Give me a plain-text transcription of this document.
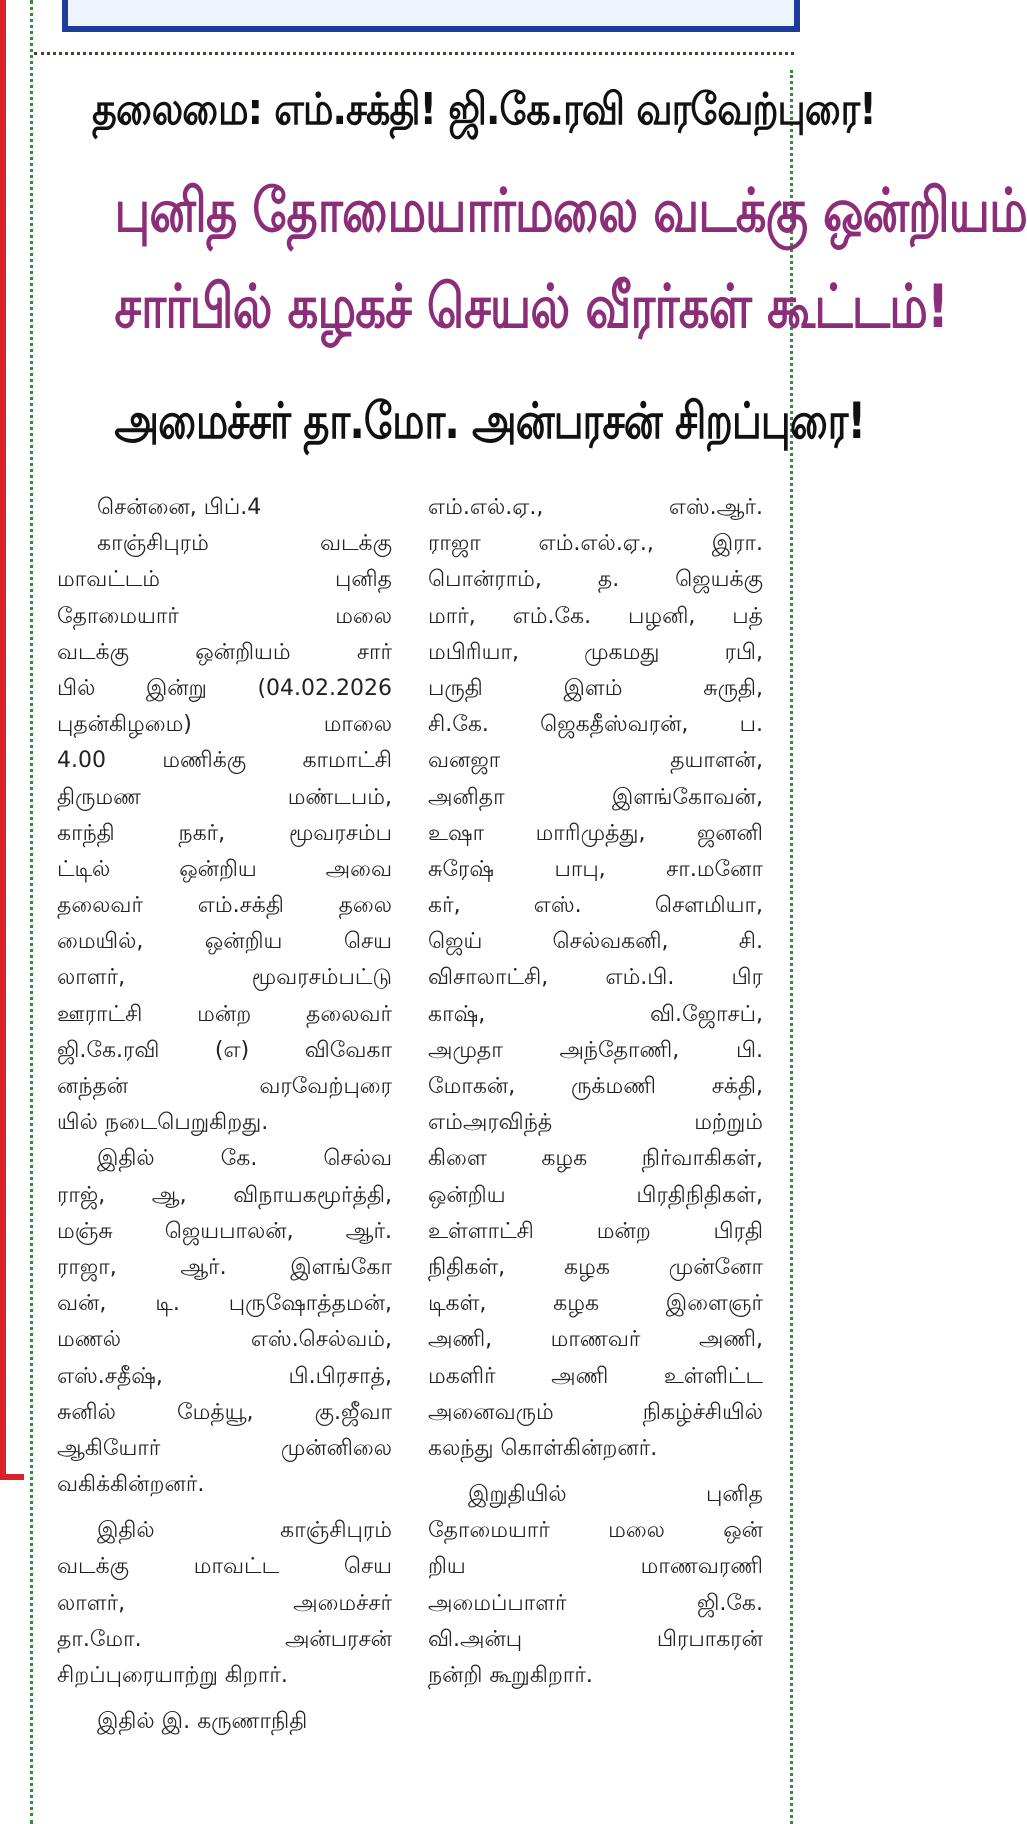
தலைமை: எம்.சக்தி! ஜி.கே.ரவி வரவேற்புரை!
புனித தோமையார்மலை வடக்கு ஒன்றியம்
சார்பில் கழகச் செயல் வீரர்கள் கூட்டம்!
அமைச்சர் தா.மோ. அன்பரசன் சிறப்புரை!
சென்னை, பிப்.4
காஞ்சிபுரம் வடக்கு
மாவட்டம் புனித
தோமையார் மலை
வடக்கு ஒன்றியம் சார்
பில் இன்று (04.02.2026
புதன்கிழமை) மாலை
4.00 மணிக்கு காமாட்சி
திருமண மண்டபம்,
காந்தி நகர், மூவரசம்ப
ட்டில் ஒன்றிய அவை
தலைவர் எம்.சக்தி தலை
மையில், ஒன்றிய செய
லாளர், மூவரசம்பட்டு
ஊராட்சி மன்ற தலைவர்
ஜி.கே.ரவி (எ) விவேகா
னந்தன் வரவேற்புரை
யில் நடைபெறுகிறது.
இதில் கே. செல்வ
ராஜ், ஆ, விநாயகமூர்த்தி,
மஞ்சு ஜெயபாலன், ஆர்.
ராஜா, ஆர். இளங்கோ
வன், டி. புருஷோத்தமன்,
மணல் எஸ்.செல்வம்,
எஸ்.சதீஷ், பி.பிரசாத்,
சுனில் மேத்யூ, கு.ஜீவா
ஆகியோர் முன்னிலை
வகிக்கின்றனர்.
இதில் காஞ்சிபுரம்
வடக்கு மாவட்ட செய
லாளர், அமைச்சர்
தா.மோ. அன்பரசன்
சிறப்புரையாற்று கிறார்.
இதில் இ. கருணாநிதி
எம்.எல்.ஏ., எஸ்.ஆர்.
ராஜா எம்.எல்.ஏ., இரா.
பொன்ராம், த. ஜெயக்கு
மார், எம்.கே. பழனி, பத்
மபிரியா, முகமது ரபி,
பருதி இளம் சுருதி,
சி.கே. ஜெகதீஸ்வரன், ப.
வனஜா தயாளன்,
அனிதா இளங்கோவன்,
உஷா மாரிமுத்து, ஜனனி
சுரேஷ் பாபு, சா.மனோ
கர், எஸ். சௌமியா,
ஜெய் செல்வகனி, சி.
விசாலாட்சி, எம்.பி. பிர
காஷ், வி.ஜோசப்,
அமுதா அந்தோணி, பி.
மோகன், ருக்மணி சக்தி,
எம்அரவிந்த் மற்றும்
கிளை கழக நிர்வாகிகள்,
ஒன்றிய பிரதிநிதிகள்,
உள்ளாட்சி மன்ற பிரதி
நிதிகள், கழக முன்னோ
டிகள், கழக இளைஞர்
அணி, மாணவர் அணி,
மகளிர் அணி உள்ளிட்ட
அனைவரும் நிகழ்ச்சியில்
கலந்து கொள்கின்றனர்.
இறுதியில் புனித
தோமையார் மலை ஒன்
றிய மாணவரணி
அமைப்பாளர் ஜி.கே.
வி.அன்பு பிரபாகரன்
நன்றி கூறுகிறார்.
